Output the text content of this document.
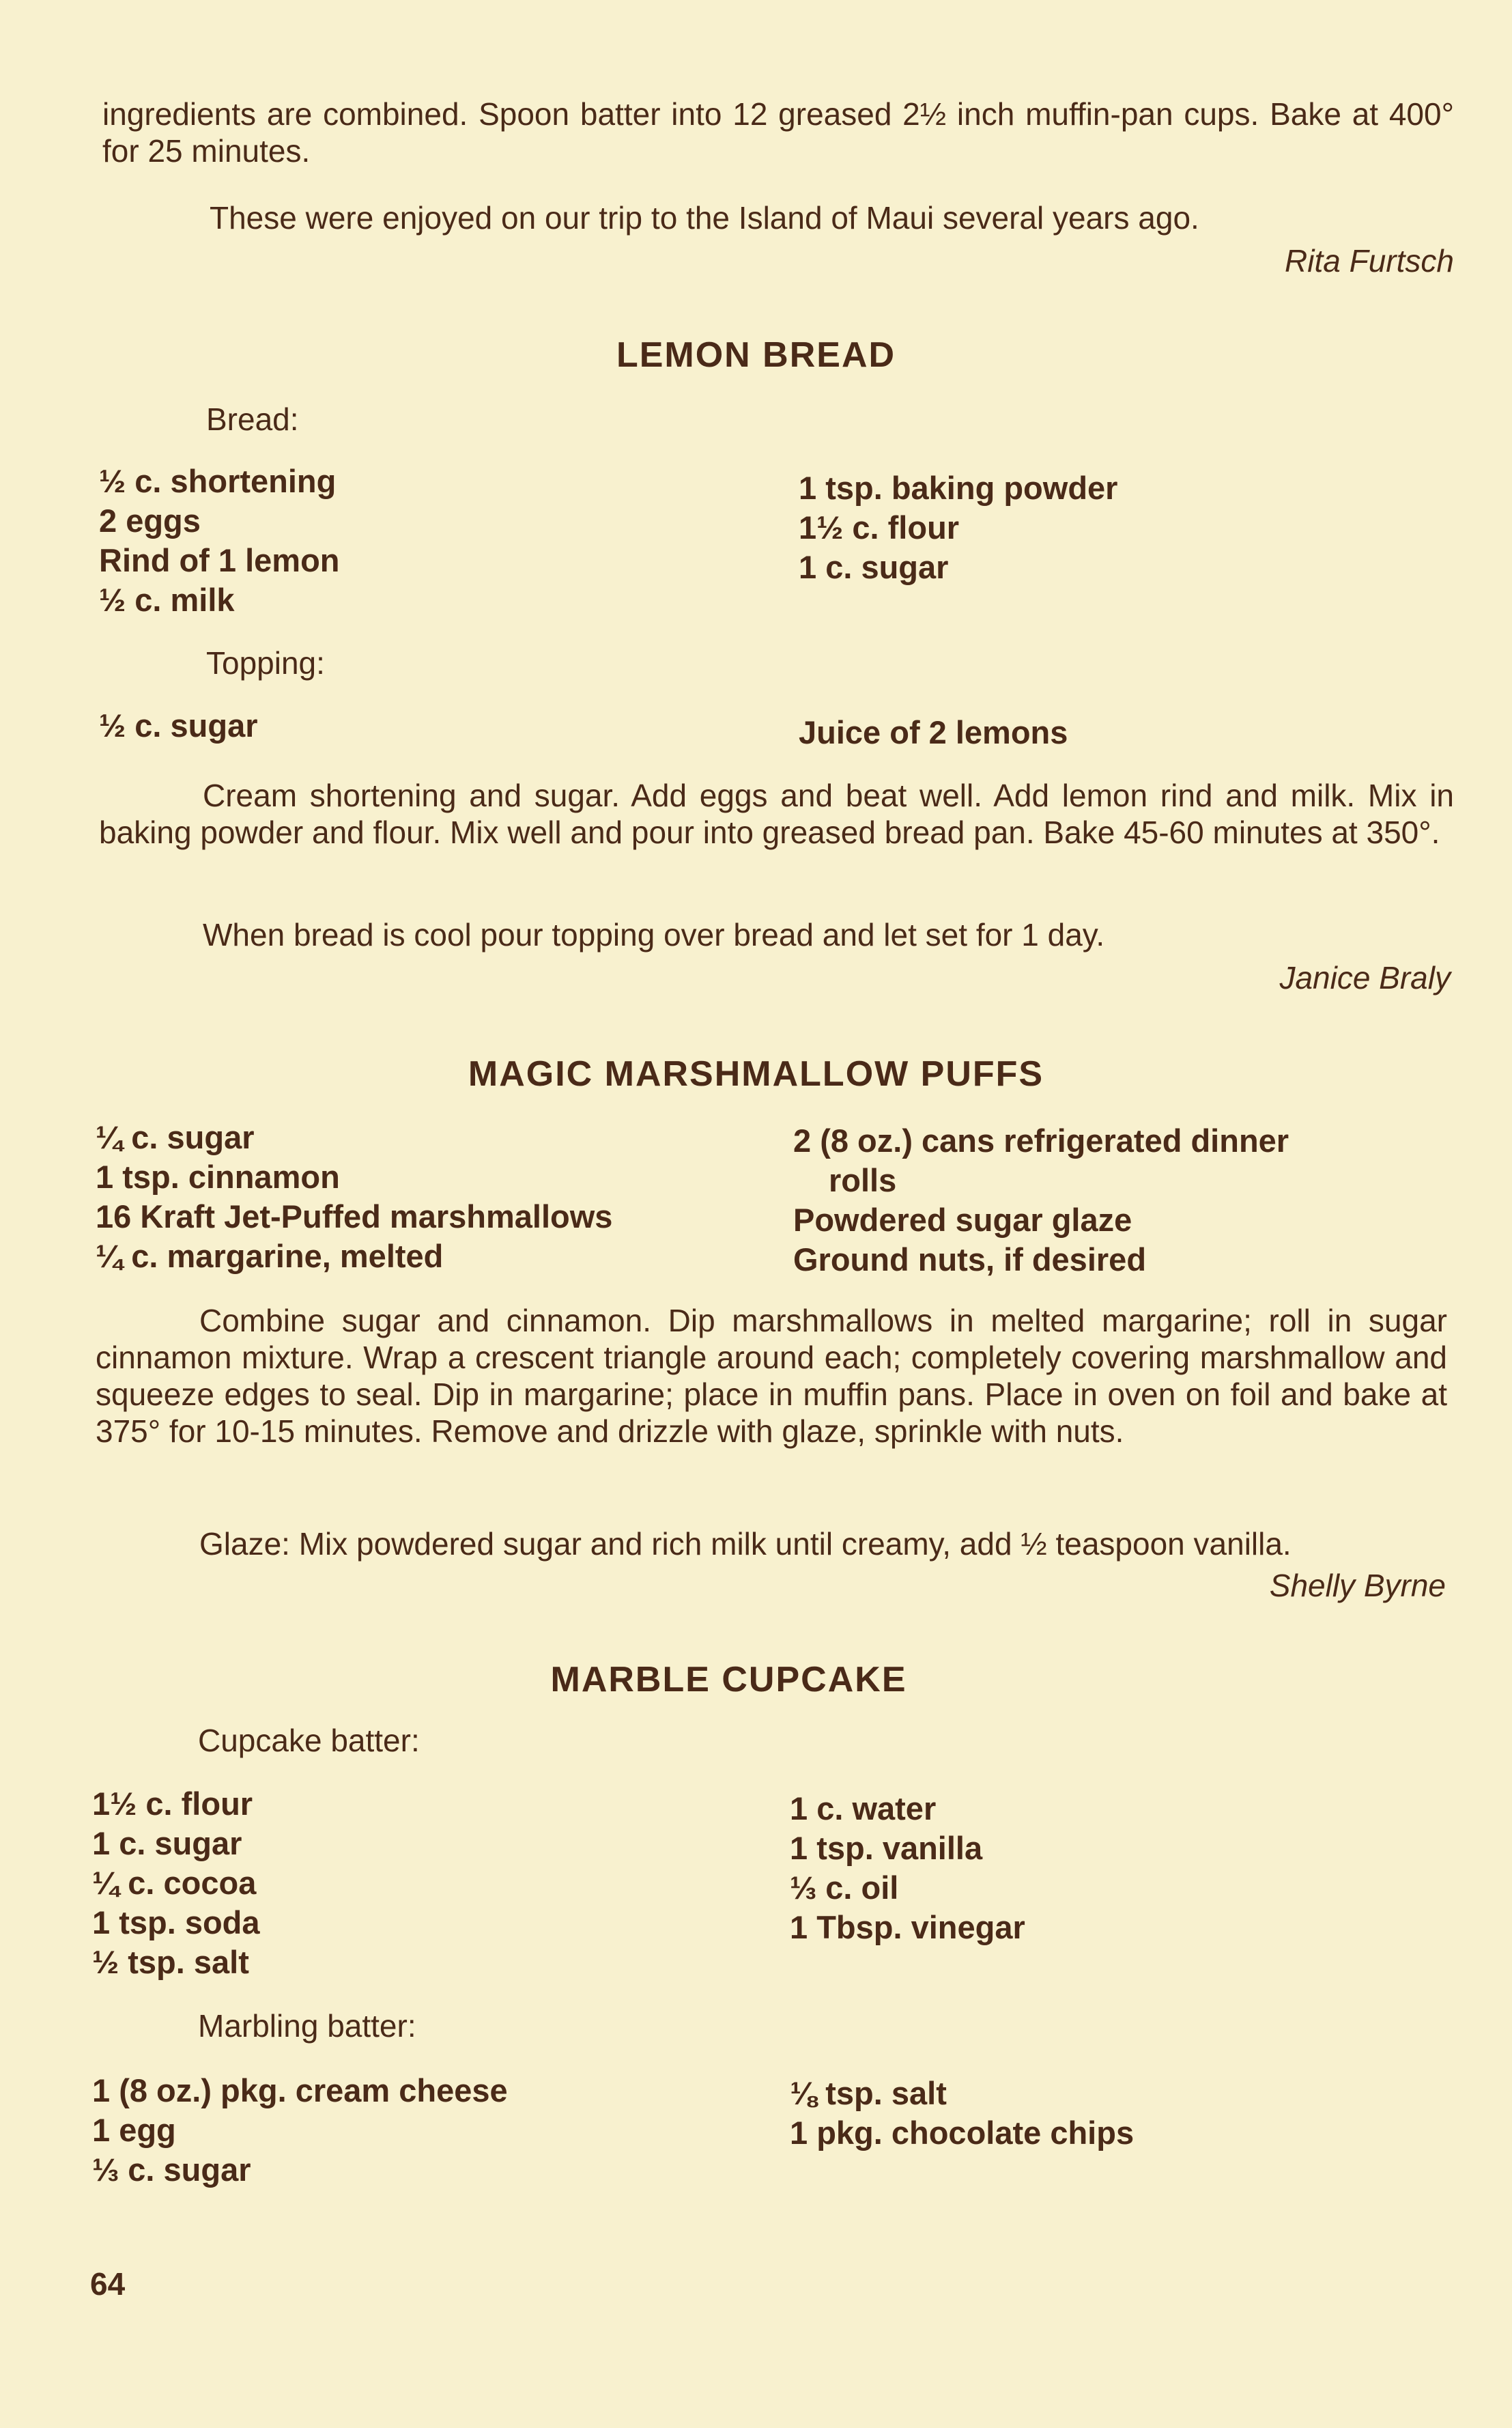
ingredients are combined. Spoon batter into 12 greased 2½ inch muffin-pan cups. Bake at 400° for 25 minutes.

These were enjoyed on our trip to the Island of Maui several years ago.

Rita Furtsch

LEMON BREAD

Bread:

½ c. shortening
2 eggs
Rind of 1 lemon
½ c. milk
1 tsp. baking powder
1½ c. flour
1 c. sugar

Topping:

½ c. sugar	Juice of 2 lemons

Cream shortening and sugar. Add eggs and beat well. Add lemon rind and milk. Mix in baking powder and flour. Mix well and pour into greased bread pan. Bake 45-60 minutes at 350°.

When bread is cool pour topping over bread and let set for 1 day.

Janice Braly

MAGIC MARSHMALLOW PUFFS
¼ c. sugar
1 tsp. cinnamon
16 Kraft Jet-Puffed marshmallows
¼ c. margarine, melted
2 (8 oz.) cans refrigerated dinner
rolls
Powdered sugar glaze
Ground nuts, if desired

Combine sugar and cinnamon. Dip marshmallows in melted margarine; roll in sugar cinnamon mixture. Wrap a crescent triangle around each; completely covering marshmallow and squeeze edges to seal. Dip in margarine; place in muffin pans. Place in oven on foil and bake at 375° for 10-15 minutes. Remove and drizzle with glaze, sprinkle with nuts.

Glaze: Mix powdered sugar and rich milk until creamy, add ½ teaspoon vanilla.

Shelly Byrne

MARBLE CUPCAKE

Cupcake batter:

1½ c. flour
1 c. sugar
¼ c. cocoa
1 tsp. soda
½ tsp. salt
1 c. water
1 tsp. vanilla
⅓ c. oil
1 Tbsp. vinegar

Marbling batter:

1 (8 oz.) pkg. cream cheese
1 egg
⅓ c. sugar
⅛ tsp. salt
1 pkg. chocolate chips

64
